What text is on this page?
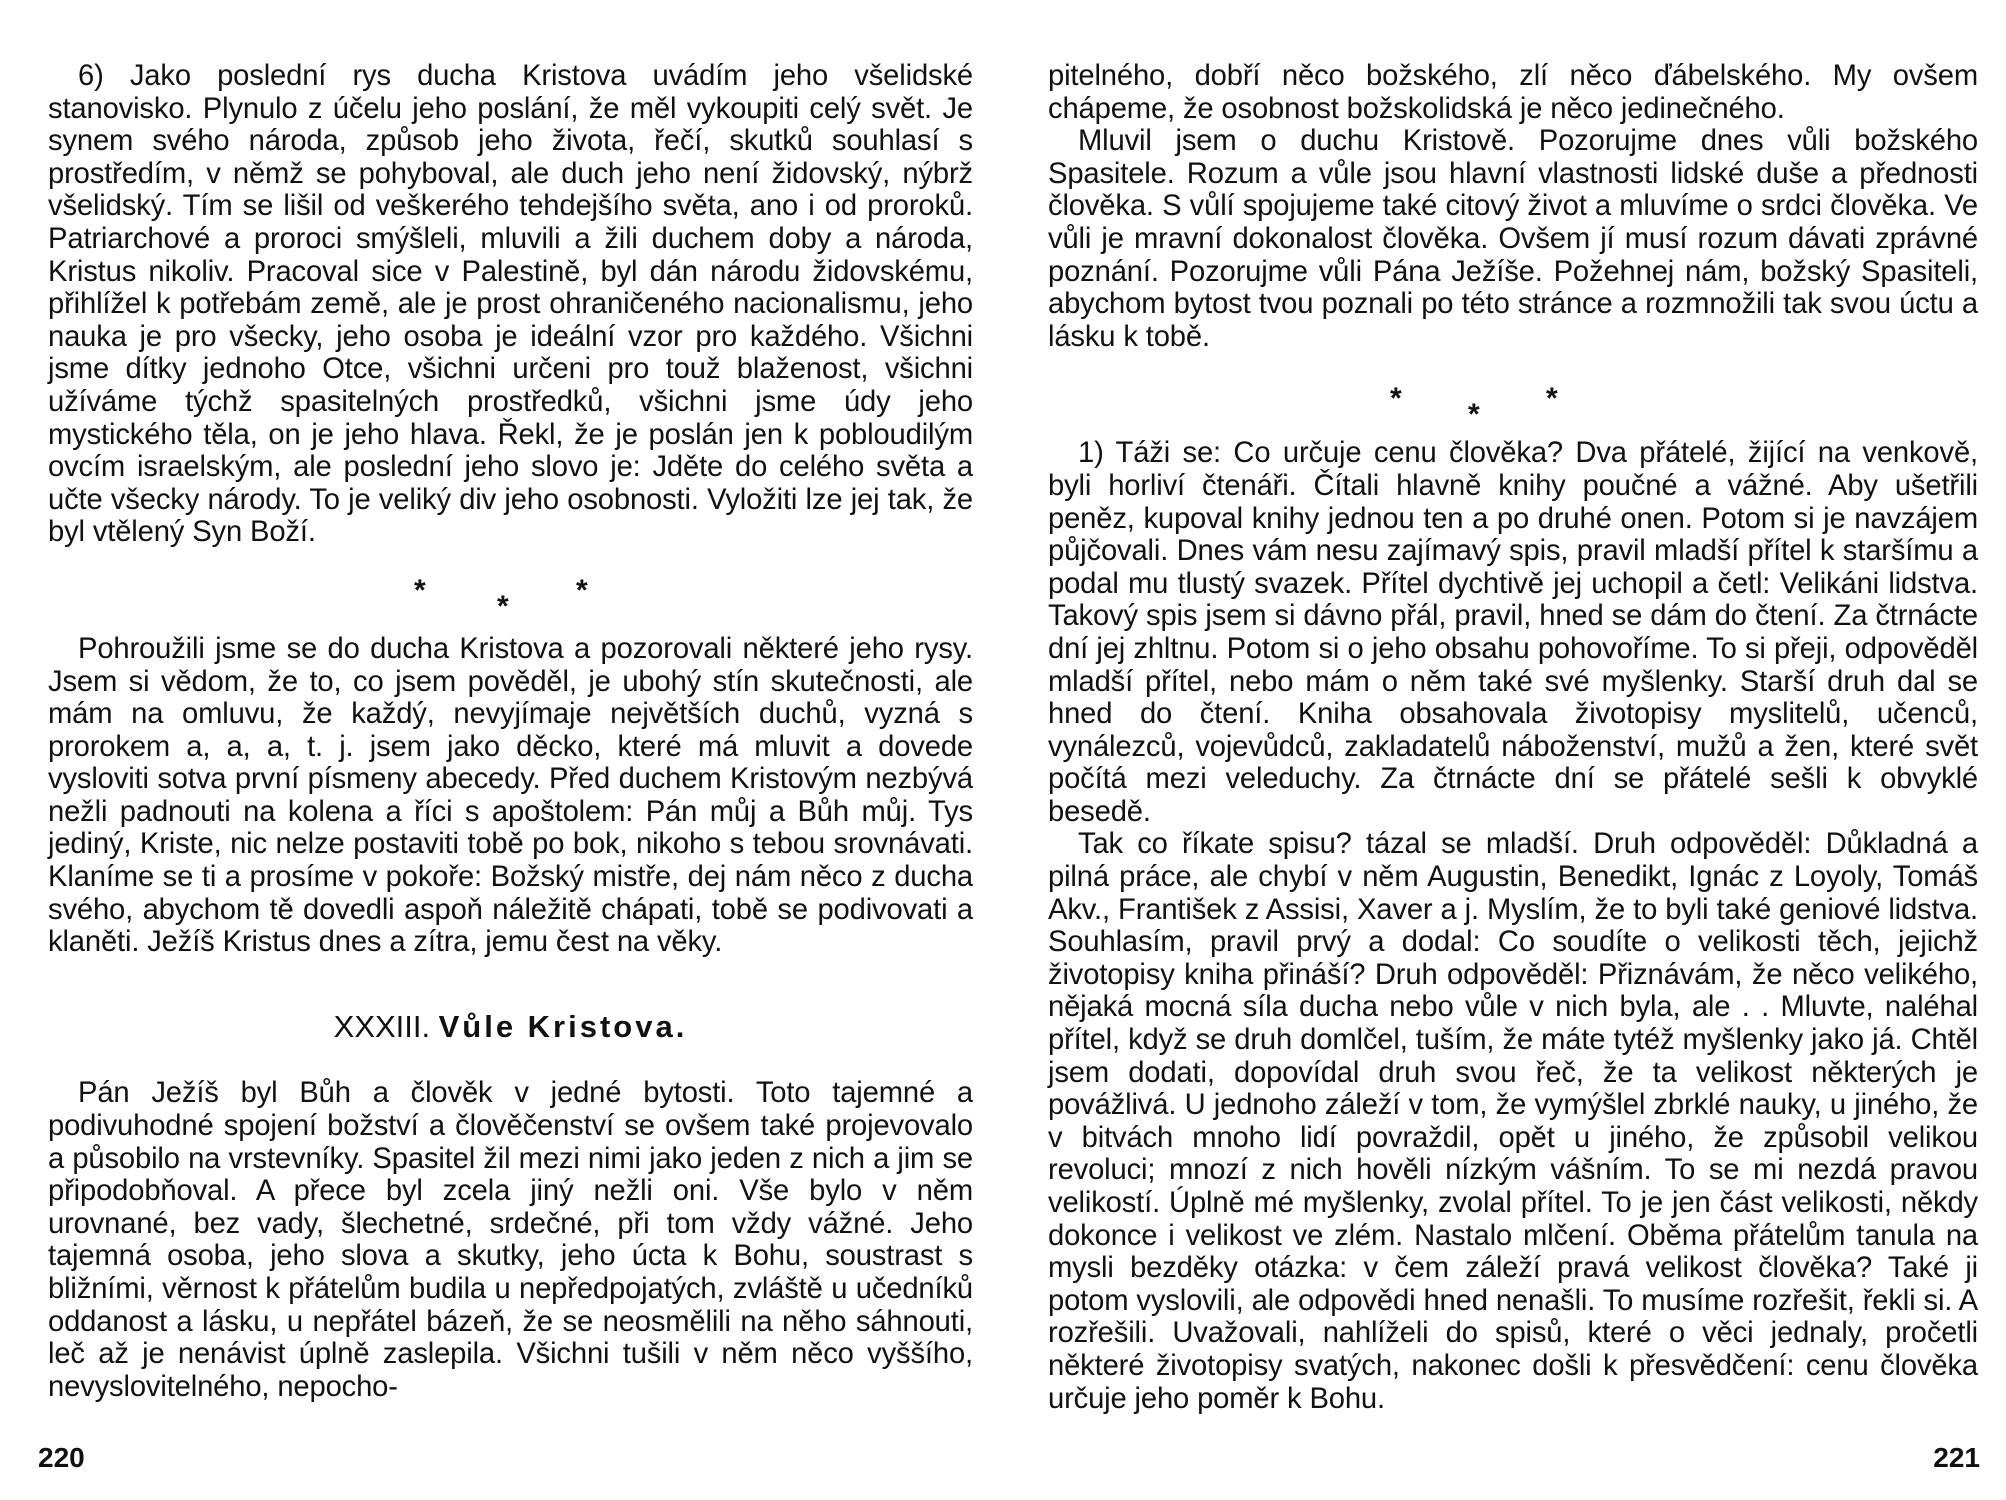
6) Jako poslední rys ducha Kristova uvádím jeho všelidské stanovisko. Plynulo z účelu jeho poslání, že měl vykoupiti celý svět. Je synem svého národa, způsob jeho života, řečí, skutků souhlasí s prostředím, v němž se pohyboval, ale duch jeho není židovský, nýbrž všelidský. Tím se lišil od veškerého tehdejšího světa, ano i od proroků. Patriarchové a proroci smýšleli, mluvili a žili duchem doby a národa, Kristus nikoliv. Pracoval sice v Palestině, byl dán národu židovskému, přihlížel k potřebám země, ale je prost ohraničeného nacionalismu, jeho nauka je pro všecky, jeho osoba je ideální vzor pro každého. Všichni jsme dítky jednoho Otce, všichni určeni pro touž blaženost, všichni užíváme týchž spasitelných prostředků, všichni jsme údy jeho mystického těla, on je jeho hlava. Řekl, že je poslán jen k pobloudilým ovcím israelským, ale poslední jeho slovo je: Jděte do celého světa a učte všecky národy. To je veliký div jeho osobnosti. Vyložiti lze jej tak, že byl vtělený Syn Boží.

* * *

Pohroužili jsme se do ducha Kristova a pozorovali některé jeho rysy. Jsem si vědom, že to, co jsem pověděl, je ubohý stín skutečnosti, ale mám na omluvu, že každý, nevyjímaje největších duchů, vyzná s prorokem a, a, a, t. j. jsem jako děcko, které má mluvit a dovede vysloviti sotva první písmeny abecedy. Před duchem Kristovým nezbývá nežli padnouti na kolena a říci s apoštolem: Pán můj a Bůh můj. Tys jediný, Kriste, nic nelze postaviti tobě po bok, nikoho s tebou srovnávati. Klaníme se ti a prosíme v pokoře: Božský mistře, dej nám něco z ducha svého, abychom tě dovedli aspoň náležitě chápati, tobě se podivovati a klaněti. Ježíš Kristus dnes a zítra, jemu čest na věky.

XXXIII. Vůle Kristova.

Pán Ježíš byl Bůh a člověk v jedné bytosti. Toto tajemné a podivuhodné spojení božství a člověčenství se ovšem také projevovalo a působilo na vrstevníky. Spasitel žil mezi nimi jako jeden z nich a jim se připodobňoval. A přece byl zcela jiný nežli oni. Vše bylo v něm urovnané, bez vady, šlechetné, srdečné, při tom vždy vážné. Jeho tajemná osoba, jeho slova a skutky, jeho úcta k Bohu, soustrast s bližními, věrnost k přátelům budila u nepředpojatých, zvláště u učedníků oddanost a lásku, u nepřátel bázeň, že se neosmělili na něho sáhnouti, leč až je nenávist úplně zaslepila. Všichni tušili v něm něco vyššího, nevyslovitelného, nepocho-

220

pitelného, dobří něco božského, zlí něco ďábelského. My ovšem chápeme, že osobnost božskolidská je něco jedinečného.

Mluvil jsem o duchu Kristově. Pozorujme dnes vůli božského Spasitele. Rozum a vůle jsou hlavní vlastnosti lidské duše a přednosti člověka. S vůlí spojujeme také citový život a mluvíme o srdci člověka. Ve vůli je mravní dokonalost člověka. Ovšem jí musí rozum dávati zprávné poznání. Pozorujme vůli Pána Ježíše. Požehnej nám, božský Spasiteli, abychom bytost tvou poznali po této stránce a rozmnožili tak svou úctu a lásku k tobě.

* * *

1) Táži se: Co určuje cenu člověka? Dva přátelé, žijící na venkově, byli horliví čtenáři. Čítali hlavně knihy poučné a vážné. Aby ušetřili peněz, kupoval knihy jednou ten a po druhé onen. Potom si je navzájem půjčovali. Dnes vám nesu zajímavý spis, pravil mladší přítel k staršímu a podal mu tlustý svazek. Přítel dychtivě jej uchopil a četl: Velikáni lidstva. Takový spis jsem si dávno přál, pravil, hned se dám do čtení. Za čtrnácte dní jej zhltnu. Potom si o jeho obsahu pohovoříme. To si přeji, odpověděl mladší přítel, nebo mám o něm také své myšlenky. Starší druh dal se hned do čtení. Kniha obsahovala životopisy myslitelů, učenců, vynálezců, vojevůdců, zakladatelů náboženství, mužů a žen, které svět počítá mezi veleduchy. Za čtrnácte dní se přátelé sešli k obvyklé besedě.

Tak co říkate spisu? tázal se mladší. Druh odpověděl: Důkladná a pilná práce, ale chybí v něm Augustin, Benedikt, Ignác z Loyoly, Tomáš Akv., František z Assisi, Xaver a j. Myslím, že to byli také geniové lidstva. Souhlasím, pravil prvý a dodal: Co soudíte o velikosti těch, jejichž životopisy kniha přináší? Druh odpověděl: Přiznávám, že něco velikého, nějaká mocná síla ducha nebo vůle v nich byla, ale . . Mluvte, naléhal přítel, když se druh domlčel, tuším, že máte tytéž myšlenky jako já. Chtěl jsem dodati, dopovídal druh svou řeč, že ta velikost některých je povážlivá. U jednoho záleží v tom, že vymýšlel zbrklé nauky, u jiného, že v bitvách mnoho lidí povraždil, opět u jiného, že způsobil velikou revoluci; mnozí z nich hověli nízkým vášním. To se mi nezdá pravou velikostí. Úplně mé myšlenky, zvolal přítel. To je jen část velikosti, někdy dokonce i velikost ve zlém. Nastalo mlčení. Oběma přátelům tanula na mysli bezděky otázka: v čem záleží pravá velikost člověka? Také ji potom vyslovili, ale odpovědi hned nenašli. To musíme rozřešit, řekli si. A rozřešili. Uvažovali, nahlíželi do spisů, které o věci jednaly, pročetli některé životopisy svatých, nakonec došli k přesvědčení: cenu člověka určuje jeho poměr k Bohu.

221
